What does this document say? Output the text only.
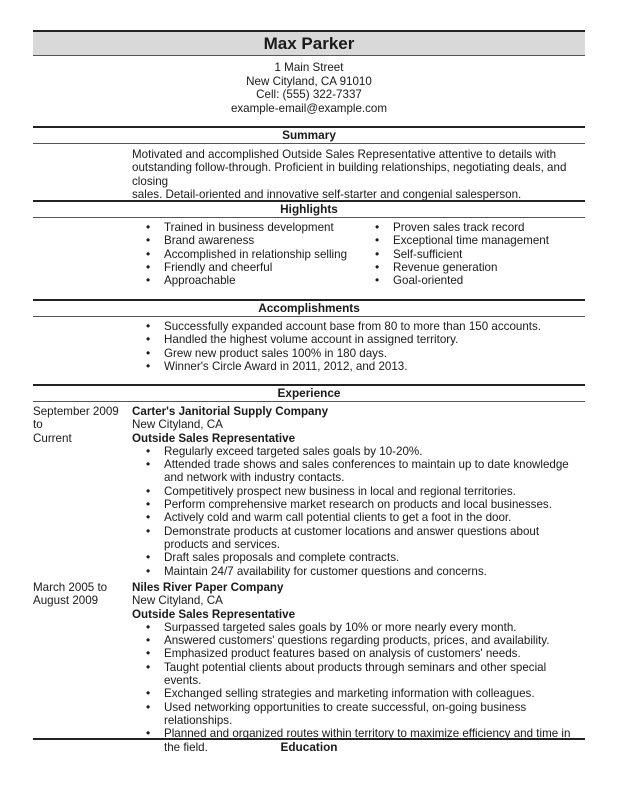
Max Parker
1 Main Street
New Cityland, CA 91010
Cell: (555) 322-7337
example-email@example.com
Summary
Motivated and accomplished Outside Sales Representative attentive to details with
outstanding follow-through. Proficient in building relationships, negotiating deals, and closing
sales. Detail-oriented and innovative self-starter and congenial salesperson.
Highlights
• Trained in business development
• Brand awareness
• Accomplished in relationship selling
• Friendly and cheerful
• Approachable
• Proven sales track record
• Exceptional time management
• Self-sufficient
• Revenue generation
• Goal-oriented
Accomplishments
• Successfully expanded account base from 80 to more than 150 accounts.
• Handled the highest volume account in assigned territory.
• Grew new product sales 100% in 180 days.
• Winner's Circle Award in 2011, 2012, and 2013.
Experience
September 2009 to
Current
Carter's Janitorial Supply Company
New Cityland, CA
Outside Sales Representative
• Regularly exceed targeted sales goals by 10-20%.
• Attended trade shows and sales conferences to maintain up to date knowledge and network with industry contacts.
• Competitively prospect new business in local and regional territories.
• Perform comprehensive market research on products and local businesses.
• Actively cold and warm call potential clients to get a foot in the door.
• Demonstrate products at customer locations and answer questions about products and services.
• Draft sales proposals and complete contracts.
• Maintain 24/7 availability for customer questions and concerns.
March 2005 to
August 2009
Niles River Paper Company
New Cityland, CA
Outside Sales Representative
• Surpassed targeted sales goals by 10% or more nearly every month.
• Answered customers' questions regarding products, prices, and availability.
• Emphasized product features based on analysis of customers' needs.
• Taught potential clients about products through seminars and other special events.
• Exchanged selling strategies and marketing information with colleagues.
• Used networking opportunities to create successful, on-going business relationships.
• Planned and organized routes within territory to maximize efficiency and time in the field.	Education
